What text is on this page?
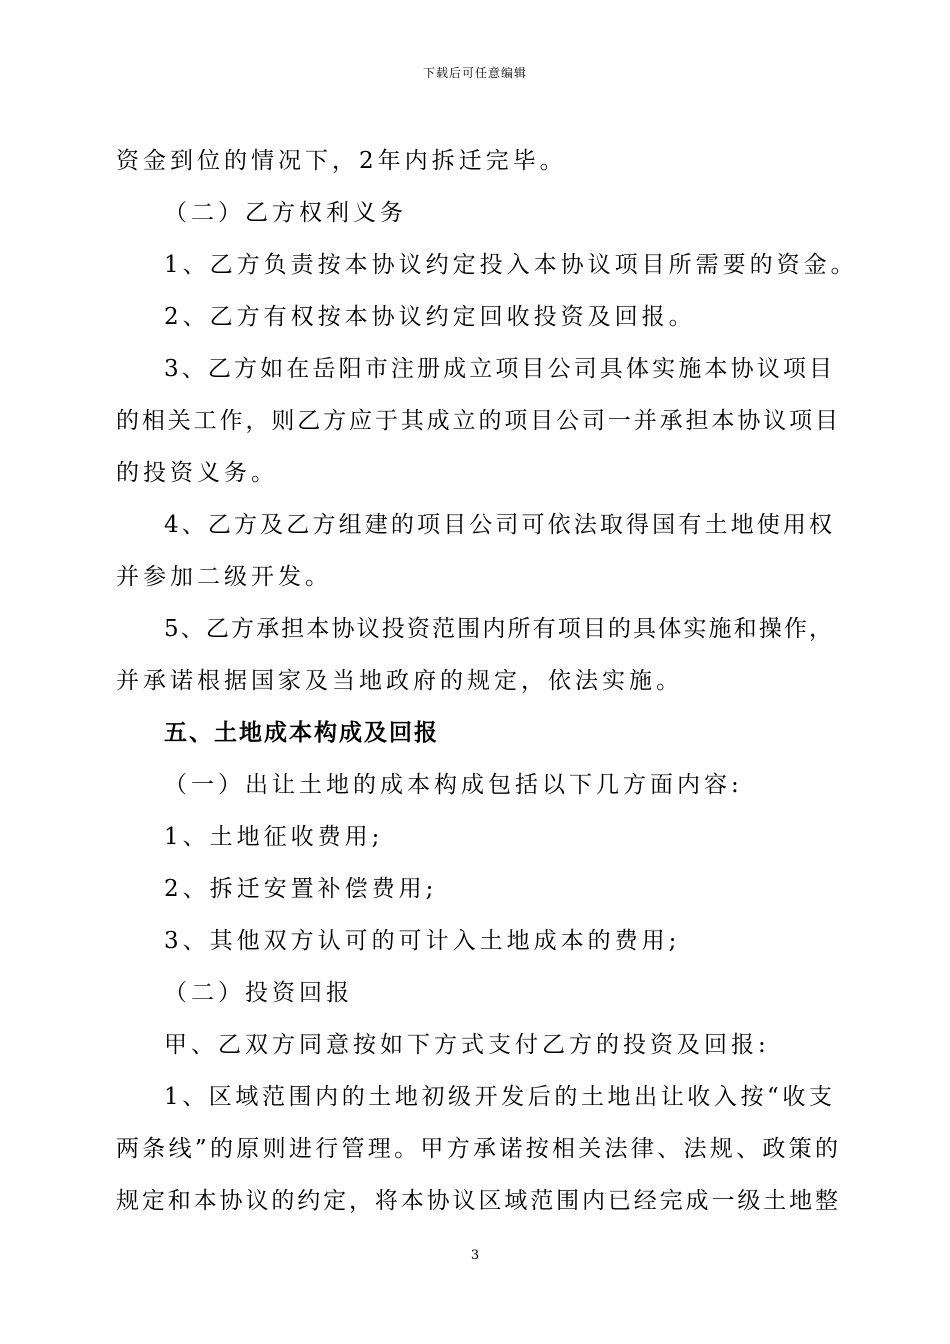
下载后可任意编辑
资金到位的情况下，2年内拆迁完毕。
（二）乙方权利义务
1、乙方负责按本协议约定投入本协议项目所需要的资金。
2、乙方有权按本协议约定回收投资及回报。
3、乙方如在岳阳市注册成立项目公司具体实施本协议项目
的相关工作，则乙方应于其成立的项目公司一并承担本协议项目
的投资义务。
4、乙方及乙方组建的项目公司可依法取得国有土地使用权
并参加二级开发。
5、乙方承担本协议投资范围内所有项目的具体实施和操作，
并承诺根据国家及当地政府的规定，依法实施。
五、土地成本构成及回报
（一）出让土地的成本构成包括以下几方面内容:
1、土地征收费用;
2、拆迁安置补偿费用;
3、其他双方认可的可计入土地成本的费用;
（二）投资回报
甲、乙双方同意按如下方式支付乙方的投资及回报:
1、区域范围内的土地初级开发后的土地出让收入按“收支
两条线”的原则进行管理。甲方承诺按相关法律、法规、政策的
规定和本协议的约定，将本协议区域范围内已经完成一级土地整
3
